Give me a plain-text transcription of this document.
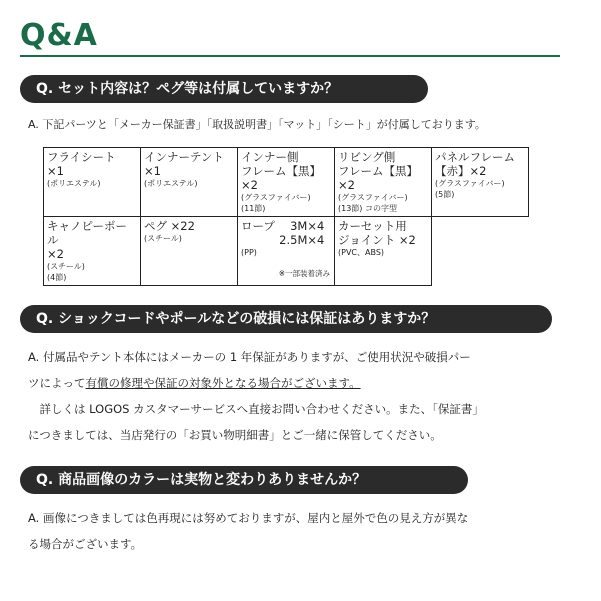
Q&A
Q. セット内容は？ペグ等は付属していますか？

A. 下記パーツと「メーカー保証書」「取扱説明書」「マット」「シート」が付属しております。

フライシート
×1
(ポリエステル)	インナーテント
×1
(ポリエステル)	インナー側
フレーム【黒】×2
(グラスファイバー)
(11節)	リビング側
フレーム【黒】×2
(グラスファイバー)
(13節) コの字型	パネルフレーム
【赤】×2
(グラスファイバー)
(5節)

キャノピーポール
×2
(スチール)
(4節)	ペグ ×22
(スチール)	ロープ　 3M×4
　　　 2.5M×4
(PP)
※一部装着済み	カーセット用
ジョイント ×2
(PVC、ABS)	

Q. ショックコードやポールなどの破損には保証はありますか？

A. 付属品やテント本体にはメーカーの 1 年保証がありますが、ご使用状況や破損パー

ツによって有償の修理や保証の対象外となる場合がございます。

　詳しくは LOGOS カスタマーサービスへ直接お問い合わせください。また、「保証書」

につきましては、当店発行の「お買い物明細書」とご一緒に保管してください。

Q. 商品画像のカラーは実物と変わりありませんか？

A. 画像につきましては色再現には努めておりますが、屋内と屋外で色の見え方が異な

る場合がございます。
